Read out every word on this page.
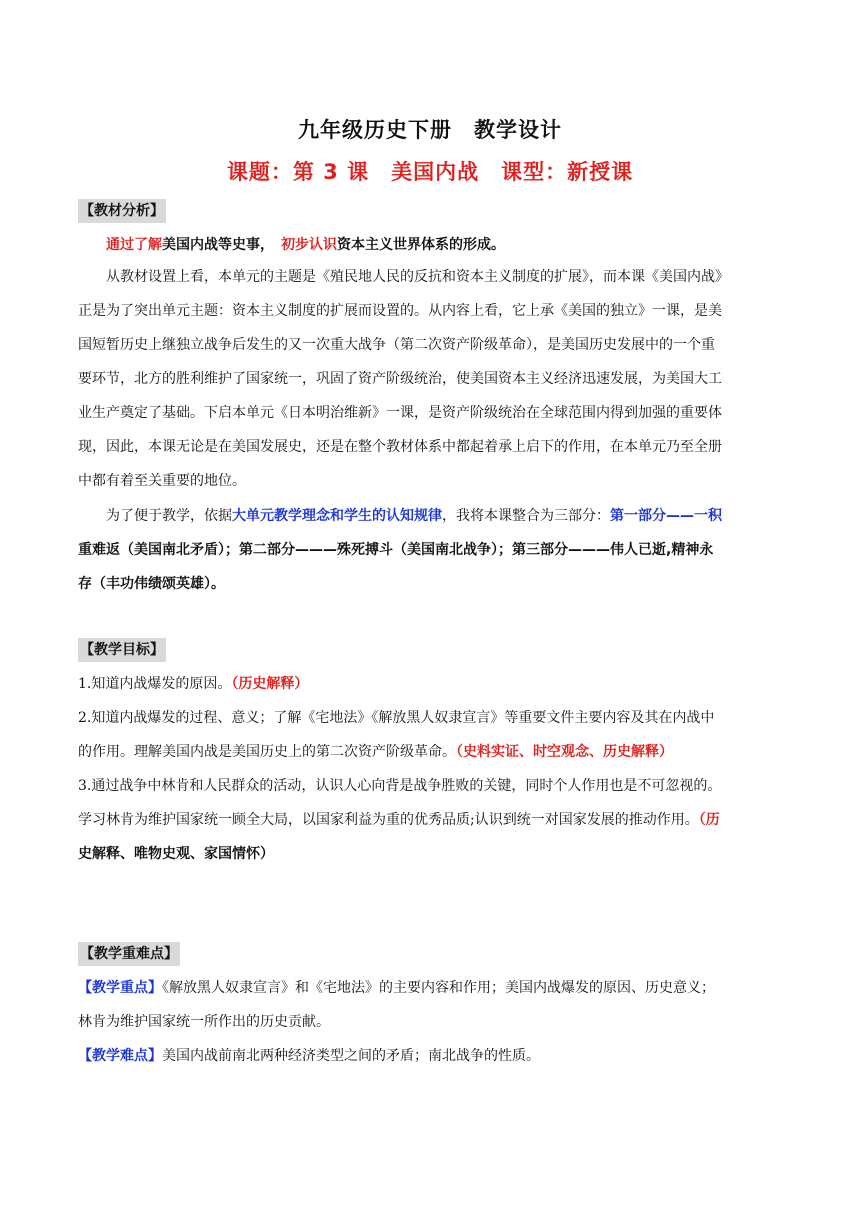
九年级历史下册　教学设计
课题：第 3 课　美国内战　课型：新授课
【教材分析】
通过了解美国内战等史事，　 初步认识资本主义世界体系的形成。
从教材设置上看，本单元的主题是《殖民地人民的反抗和资本主义制度的扩展》，而本课《美国内战》
正是为了突出单元主题：资本主义制度的扩展而设置的。从内容上看，它上承《美国的独立》一课，是美
国短暂历史上继独立战争后发生的又一次重大战争（第二次资产阶级革命），是美国历史发展中的一个重
要环节，北方的胜利维护了国家统一，巩固了资产阶级统治，使美国资本主义经济迅速发展，为美国大工
业生产奠定了基础。下启本单元《日本明治维新》一课，是资产阶级统治在全球范围内得到加强的重要体
现，因此，本课无论是在美国发展史，还是在整个教材体系中都起着承上启下的作用，在本单元乃至全册
中都有着至关重要的地位。
为了便于教学，依据大单元教学理念和学生的认知规律，我将本课整合为三部分：第一部分——一积
重难返（美国南北矛盾）；第二部分———殊死搏斗（美国南北战争）；第三部分———伟人已逝,精神永
存（丰功伟绩颂英雄）。
【教学目标】
1.知道内战爆发的原因。（历史解释）
2.知道内战爆发的过程、意义；了解《宅地法》《解放黑人奴隶宣言》等重要文件主要内容及其在内战中
的作用。理解美国内战是美国历史上的第二次资产阶级革命。（史料实证、时空观念、历史解释）
3.通过战争中林肯和人民群众的活动，认识人心向背是战争胜败的关键，同时个人作用也是不可忽视的。
学习林肯为维护国家统一顾全大局，以国家利益为重的优秀品质;认识到统一对国家发展的推动作用。（历
史解释、唯物史观、家国情怀）
【教学重难点】
【教学重点】《解放黑人奴隶宣言》和《宅地法》的主要内容和作用；美国内战爆发的原因、历史意义；
林肯为维护国家统一所作出的历史贡献。
【教学难点】美国内战前南北两种经济类型之间的矛盾；南北战争的性质。
